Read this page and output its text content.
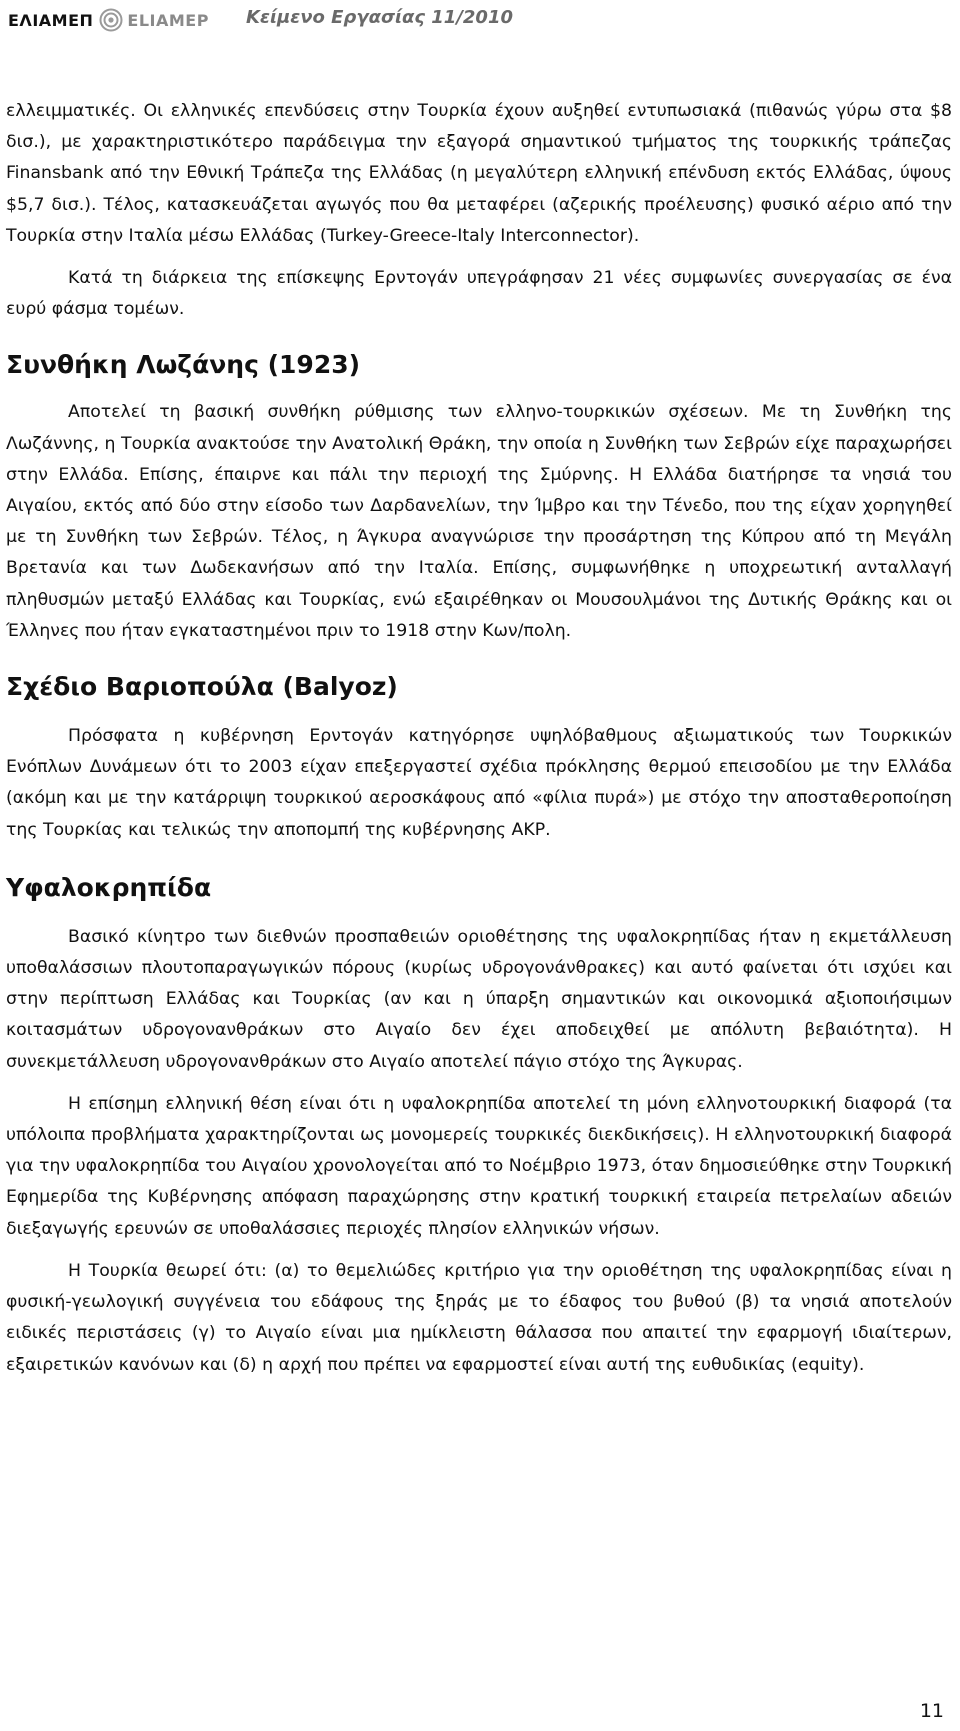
ΕΛΙΑΜΕΠ ΕLIAMEP Κείμενο Εργασίας 11/2010

ελλειμματικές. Οι ελληνικές επενδύσεις στην Τουρκία έχουν αυξηθεί εντυπωσιακά (πιθανώς γύρω στα $8 δισ.), με χαρακτηριστικότερο παράδειγμα την εξαγορά σημαντικού τμήματος της τουρκικής τράπεζας Finansbank από την Εθνική Τράπεζα της Ελλάδας (η μεγαλύτερη ελληνική επένδυση εκτός Ελλάδας, ύψους $5,7 δισ.). Τέλος, κατασκευάζεται αγωγός που θα μεταφέρει (αζερικής προέλευσης) φυσικό αέριο από την Τουρκία στην Ιταλία μέσω Ελλάδας (Turkey-Greece-Italy Interconnector).

Κατά τη διάρκεια της επίσκεψης Ερντογάν υπεγράφησαν 21 νέες συμφωνίες συνεργασίας σε ένα ευρύ φάσμα τομέων.

Συνθήκη Λωζάνης (1923)

Αποτελεί τη βασική συνθήκη ρύθμισης των ελληνο-τουρκικών σχέσεων. Με τη Συνθήκη της Λωζάννης, η Τουρκία ανακτούσε την Ανατολική Θράκη, την οποία η Συνθήκη των Σεβρών είχε παραχωρήσει στην Ελλάδα. Επίσης, έπαιρνε και πάλι την περιοχή της Σμύρνης. Η Ελλάδα διατήρησε τα νησιά του Αιγαίου, εκτός από δύο στην είσοδο των Δαρδανελίων, την Ίμβρο και την Τένεδο, που της είχαν χορηγηθεί με τη Συνθήκη των Σεβρών. Τέλος, η Άγκυρα αναγνώρισε την προσάρτηση της Κύπρου από τη Μεγάλη Βρετανία και των Δωδεκανήσων από την Ιταλία. Επίσης, συμφωνήθηκε η υποχρεωτική ανταλλαγή πληθυσμών μεταξύ Ελλάδας και Τουρκίας, ενώ εξαιρέθηκαν οι Μουσουλμάνοι της Δυτικής Θράκης και οι Έλληνες που ήταν εγκαταστημένοι πριν το 1918 στην Κων/πολη.

Σχέδιο Βαριοπούλα (Balyoz)

Πρόσφατα η κυβέρνηση Ερντογάν κατηγόρησε υψηλόβαθμους αξιωματικούς των Τουρκικών Ενόπλων Δυνάμεων ότι το 2003 είχαν επεξεργαστεί σχέδια πρόκλησης θερμού επεισοδίου με την Ελλάδα (ακόμη και με την κατάρριψη τουρκικού αεροσκάφους από «φίλια πυρά») με στόχο την αποσταθεροποίηση της Τουρκίας και τελικώς την αποπομπή της κυβέρνησης ΑΚΡ.

Υφαλοκρηπίδα

Βασικό κίνητρο των διεθνών προσπαθειών οριοθέτησης της υφαλοκρηπίδας ήταν η εκμετάλλευση υποθαλάσσιων πλουτοπαραγωγικών πόρους (κυρίως υδρογονάνθρακες) και αυτό φαίνεται ότι ισχύει και στην περίπτωση Ελλάδας και Τουρκίας (αν και η ύπαρξη σημαντικών και οικονομικά αξιοποιήσιμων κοιτασμάτων υδρογονανθράκων στο Αιγαίο δεν έχει αποδειχθεί με απόλυτη βεβαιότητα). Η συνεκμετάλλευση υδρογονανθράκων στο Αιγαίο αποτελεί πάγιο στόχο της Άγκυρας.

Η επίσημη ελληνική θέση είναι ότι η υφαλοκρηπίδα αποτελεί τη μόνη ελληνοτουρκική διαφορά (τα υπόλοιπα προβλήματα χαρακτηρίζονται ως μονομερείς τουρκικές διεκδικήσεις). Η ελληνοτουρκική διαφορά για την υφαλοκρηπίδα του Αιγαίου χρονολογείται από το Νοέμβριο 1973, όταν δημοσιεύθηκε στην Τουρκική Εφημερίδα της Κυβέρνησης απόφαση παραχώρησης στην κρατική τουρκική εταιρεία πετρελαίων αδειών διεξαγωγής ερευνών σε υποθαλάσσιες περιοχές πλησίον ελληνικών νήσων.

Η Τουρκία θεωρεί ότι: (α) το θεμελιώδες κριτήριο για την οριοθέτηση της υφαλοκρηπίδας είναι η φυσική-γεωλογική συγγένεια του εδάφους της ξηράς με το έδαφος του βυθού (β) τα νησιά αποτελούν ειδικές περιστάσεις (γ) το Αιγαίο είναι μια ημίκλειστη θάλασσα που απαιτεί την εφαρμογή ιδιαίτερων, εξαιρετικών κανόνων και (δ) η αρχή που πρέπει να εφαρμοστεί είναι αυτή της ευθυδικίας (equity).

11
